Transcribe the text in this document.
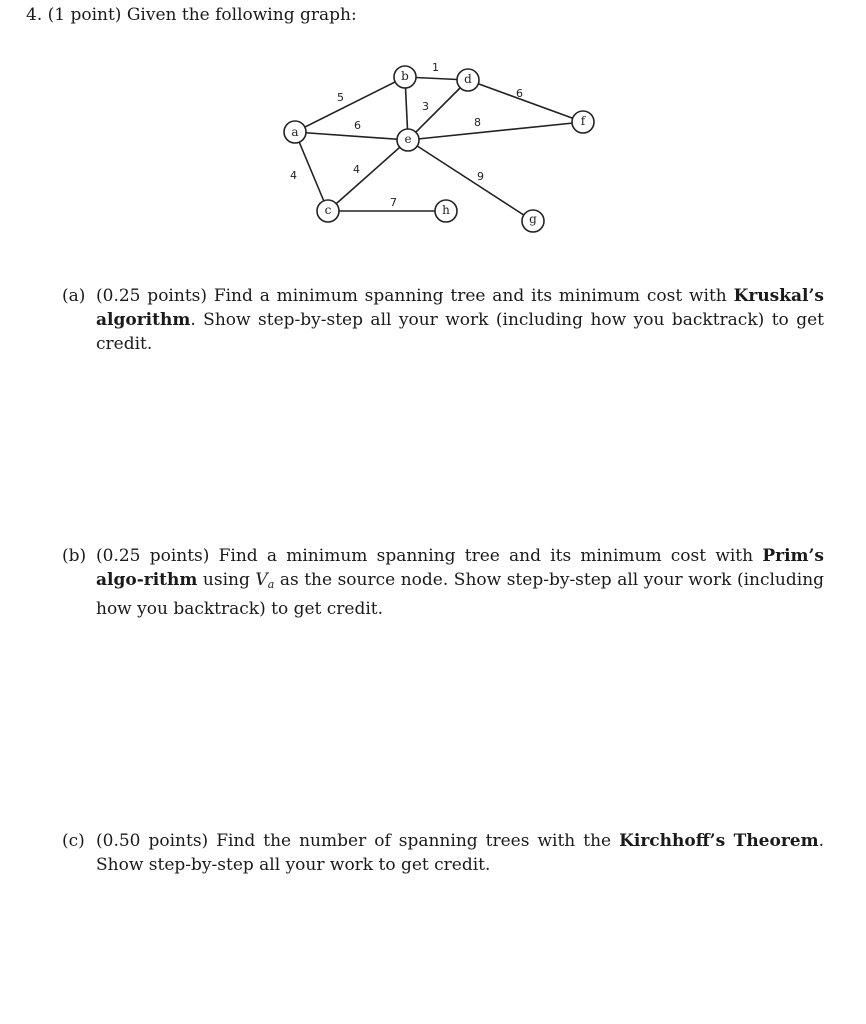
4. (1 point) Given the following graph:
5
6
4
1
3
6
8
4
9
7
a
b
c
d
e
f
g
h
(a) (0.25 points) Find a minimum spanning tree and its minimum cost with Kruskal’s algorithm. Show step-by-step all your work (including how you backtrack) to get credit.
(b) (0.25 points) Find a minimum spanning tree and its minimum cost with Prim’s algo-rithm using $V_a$ as the source node. Show step-by-step all your work (including how you backtrack) to get credit.
(c) (0.50 points) Find the number of spanning trees with the Kirchhoff’s Theorem. Show step-by-step all your work to get credit.
